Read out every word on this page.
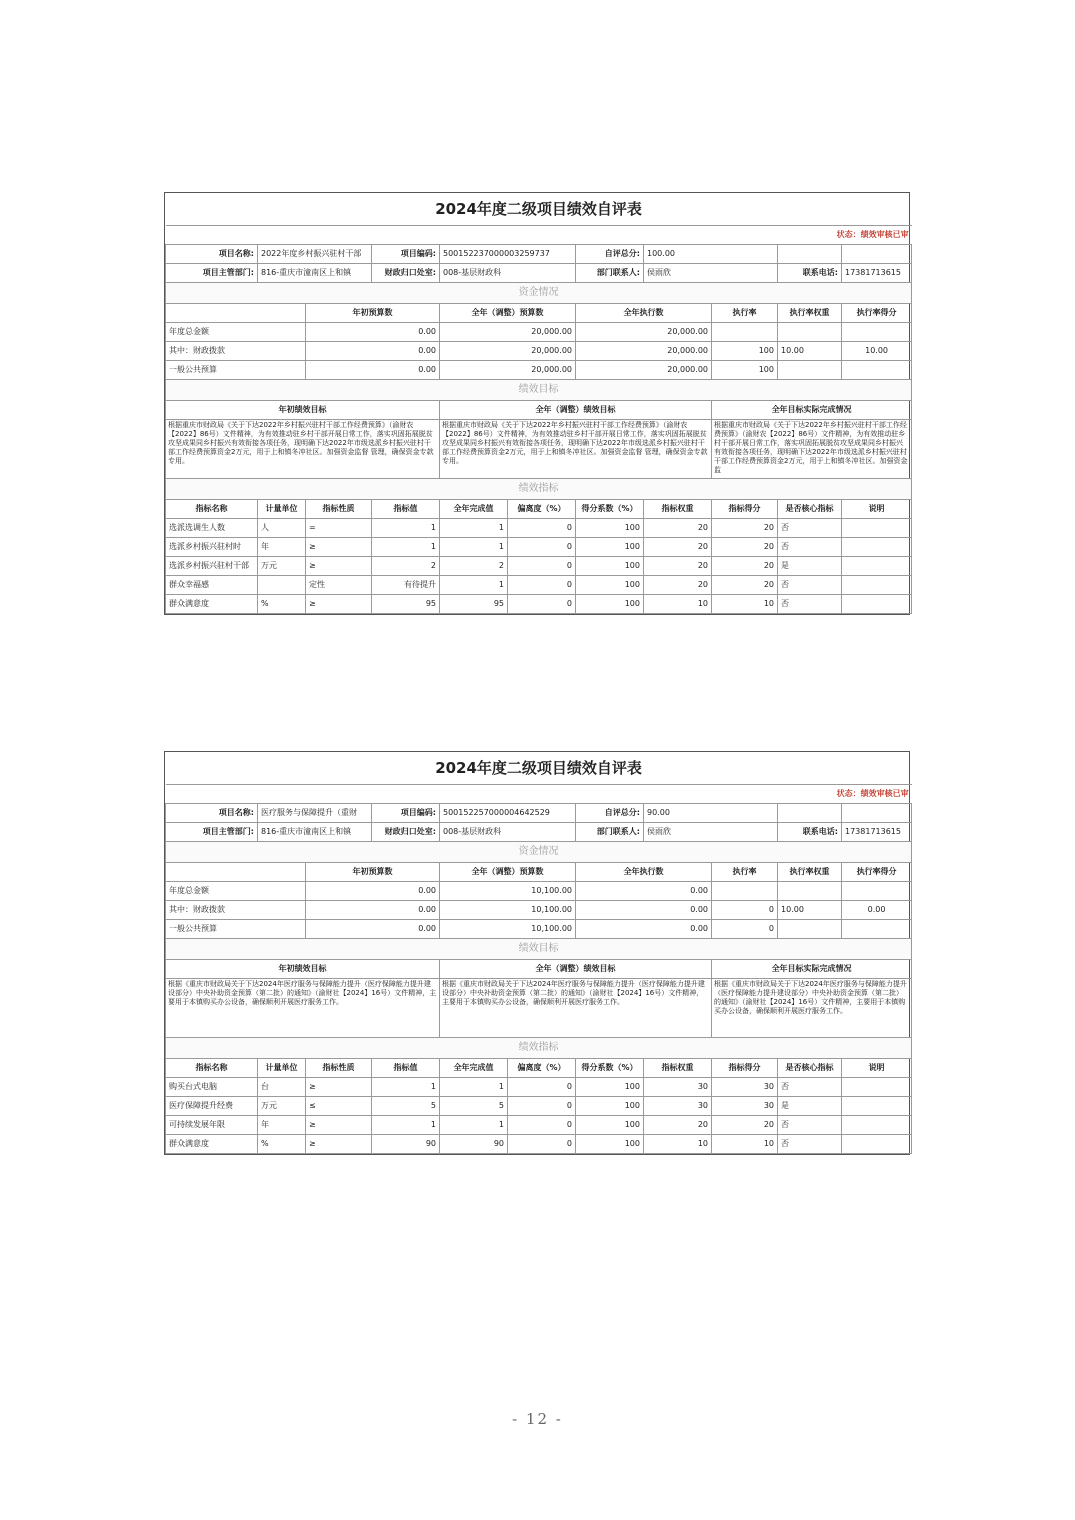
2024年度二级项目绩效自评表										
状态：绩效审核已审										
项目名称:	2022年度乡村振兴驻村干部		项目编码:	500152237000003259737		自评总分:	100.00			
项目主管部门:	816-重庆市潼南区上和镇		财政归口处室:	008-基层财政科		部门联系人:	侯雨欣		联系电话:	17381713615
资金情况										
		年初预算数		全年（调整）预算数		全年执行数		执行率	执行率权重	执行率得分
年度总金额		0.00		20,000.00		20,000.00				
其中：财政拨款		0.00		20,000.00		20,000.00		100	10.00	10.00
一般公共预算		0.00		20,000.00		20,000.00		100		
绩效目标										
年初绩效目标				全年（调整）绩效目标				全年目标实际完成情况		
根据重庆市财政局《关于下达2022年乡村振兴驻村干部工作经费预算》（渝财农【2022】86号）文件精神，为有效推动驻乡村干部开展日常工作，落实巩固拓展脱贫攻坚成果同乡村振兴有效衔接各项任务，现明确下达2022年市级选派乡村振兴驻村干部工作经费预算资金2万元，用于上和镇冬冲社区。加强资金监督 管理，确保资金专款专用。				根据重庆市财政局《关于下达2022年乡村振兴驻村干部工作经费预算》（渝财农【2022】86号）文件精神，为有效推动驻乡村干部开展日常工作，落实巩固拓展脱贫攻坚成果同乡村振兴有效衔接各项任务，现明确下达2022年市级选派乡村振兴驻村干部工作经费预算资金2万元，用于上和镇冬冲社区。加强资金监督 管理，确保资金专款专用。				根据重庆市财政局《关于下达2022年乡村振兴驻村干部工作经费预算》（渝财农【2022】86号）文件精神，为有效推动驻乡村干部开展日常工作，落实巩固拓展脱贫攻坚成果同乡村振兴有效衔接各项任务，现明确下达2022年市级选派乡村振兴驻村干部工作经费预算资金2万元，用于上和镇冬冲社区。加强资金监		
绩效指标										
指标名称	计量单位	指标性质	指标值	全年完成值	偏离度（%）	得分系数（%）	指标权重	指标得分	是否核心指标	说明
选派选调生人数	人	=	1	1	0	100	20	20	否	
选派乡村振兴驻村时	年	≥	1	1	0	100	20	20	否	
选派乡村振兴驻村干部	万元	≥	2	2	0	100	20	20	是	
群众幸福感		定性	有待提升	1	0	100	20	20	否	
群众满意度	%	≥	95	95	0	100	10	10	否	
2024年度二级项目绩效自评表										
状态：绩效审核已审										
项目名称:	医疗服务与保障提升（重财		项目编码:	500152257000004642529		自评总分:	90.00			
项目主管部门:	816-重庆市潼南区上和镇		财政归口处室:	008-基层财政科		部门联系人:	侯雨欣		联系电话:	17381713615
资金情况										
		年初预算数		全年（调整）预算数		全年执行数		执行率	执行率权重	执行率得分
年度总金额		0.00		10,100.00		0.00				
其中：财政拨款		0.00		10,100.00		0.00		0	10.00	0.00
一般公共预算		0.00		10,100.00		0.00		0		
绩效目标										
年初绩效目标				全年（调整）绩效目标				全年目标实际完成情况		
根据《重庆市财政局关于下达2024年医疗服务与保障能力提升（医疗保障能力提升建设部分）中央补助资金预算（第二批）的通知》（渝财社【2024】16号）文件精神，主要用于本镇购买办公设备，确保顺利开展医疗服务工作。				根据《重庆市财政局关于下达2024年医疗服务与保障能力提升（医疗保障能力提升建设部分）中央补助资金预算（第二批）的通知》（渝财社【2024】16号）文件精神，主要用于本镇购买办公设备，确保顺利开展医疗服务工作。				根据《重庆市财政局关于下达2024年医疗服务与保障能力提升（医疗保障能力提升建设部分）中央补助资金预算（第二批）的通知》（渝财社【2024】16号）文件精神，主要用于本镇购买办公设备，确保顺利开展医疗服务工作。		
绩效指标										
指标名称	计量单位	指标性质	指标值	全年完成值	偏离度（%）	得分系数（%）	指标权重	指标得分	是否核心指标	说明
购买台式电脑	台	≥	1	1	0	100	30	30	否	
医疗保障提升经费	万元	≤	5	5	0	100	30	30	是	
可持续发展年限	年	≥	1	1	0	100	20	20	否	
群众满意度	%	≥	90	90	0	100	10	10	否	
- 12 -
